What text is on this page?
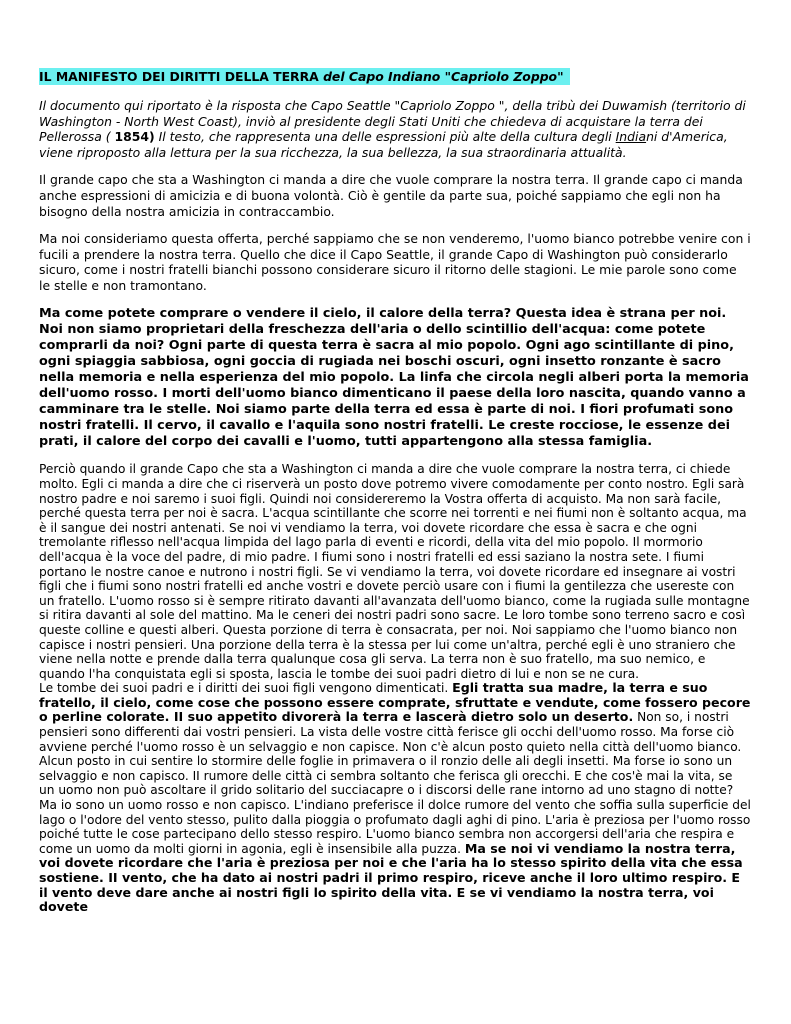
IL MANIFESTO DEI DIRITTI DELLA TERRA del Capo Indiano "Capriolo Zoppo"

Il documento qui riportato è la risposta che Capo Seattle "Capriolo Zoppo ", della tribù dei Duwamish (territorio di Washington - North West Coast), inviò al presidente degli Stati Uniti che chiedeva di acquistare la terra dei Pellerossa ( 1854) Il testo, che rappresenta una delle espressioni più alte della cultura degli Indiani d'America, viene riproposto alla lettura per la sua ricchezza, la sua bellezza, la sua straordinaria attualità.

Il grande capo che sta a Washington ci manda a dire che vuole comprare la nostra terra. Il grande capo ci manda anche espressioni di amicizia e di buona volontà. Ciò è gentile da parte sua, poiché sappiamo che egli non ha bisogno della nostra amicizia in contraccambio.

Ma noi consideriamo questa offerta, perché sappiamo che se non venderemo, l'uomo bianco potrebbe venire con i fucili a prendere la nostra terra. Quello che dice il Capo Seattle, il grande Capo di Washington può considerarlo sicuro, come i nostri fratelli bianchi possono considerare sicuro il ritorno delle stagioni. Le mie parole sono come le stelle e non tramontano.

Ma come potete comprare o vendere il cielo, il calore della terra? Questa idea è strana per noi. Noi non siamo proprietari della freschezza dell'aria o dello scintillio dell'acqua: come potete comprarli da noi? Ogni parte di questa terra è sacra al mio popolo. Ogni ago scintillante di pino, ogni spiaggia sabbiosa, ogni goccia di rugiada nei boschi oscuri, ogni insetto ronzante è sacro nella memoria e nella esperienza del mio popolo. La linfa che circola negli alberi porta la memoria dell'uomo rosso. I morti dell'uomo bianco dimenticano il paese della loro nascita, quando vanno a camminare tra le stelle. Noi siamo parte della terra ed essa è parte di noi. I fiori profumati sono nostri fratelli. Il cervo, il cavallo e l'aquila sono nostri fratelli. Le creste rocciose, le essenze dei prati, il calore del corpo dei cavalli e l'uomo, tutti appartengono alla stessa famiglia.

Perciò quando il grande Capo che sta a Washington ci manda a dire che vuole comprare la nostra terra, ci chiede molto. Egli ci manda a dire che ci riserverà un posto dove potremo vivere comodamente per conto nostro. Egli sarà nostro padre e noi saremo i suoi figli. Quindi noi considereremo la Vostra offerta di acquisto. Ma non sarà facile, perché questa terra per noi è sacra. L'acqua scintillante che scorre nei torrenti e nei fiumi non è soltanto acqua, ma è il sangue dei nostri antenati. Se noi vi vendiamo la terra, voi dovete ricordare che essa è sacra e che ogni tremolante riflesso nell'acqua limpida del lago parla di eventi e ricordi, della vita del mio popolo. Il mormorio dell'acqua è la voce del padre, di mio padre. I fiumi sono i nostri fratelli ed essi saziano la nostra sete. I fiumi portano le nostre canoe e nutrono i nostri figli. Se vi vendiamo la terra, voi dovete ricordare ed insegnare ai vostri figli che i fiumi sono nostri fratelli ed anche vostri e dovete perciò usare con i fiumi la gentilezza che usereste con un fratello. L'uomo rosso si è sempre ritirato davanti all'avanzata dell'uomo bianco, come la rugiada sulle montagne si ritira davanti al sole del mattino. Ma le ceneri dei nostri padri sono sacre. Le loro tombe sono terreno sacro e così queste colline e questi alberi. Questa porzione di terra è consacrata, per noi. Noi sappiamo che l'uomo bianco non capisce i nostri pensieri. Una porzione della terra è la stessa per lui come un'altra, perché egli è uno straniero che viene nella notte e prende dalla terra qualunque cosa gli serva. La terra non è suo fratello, ma suo nemico, e quando l'ha conquistata egli si sposta, lascia le tombe dei suoi padri dietro di lui e non se ne cura.

Le tombe dei suoi padri e i diritti dei suoi figli vengono dimenticati. Egli tratta sua madre, la terra e suo fratello, il cielo, come cose che possono essere comprate, sfruttate e vendute, come fossero pecore o perline colorate. II suo appetito divorerà la terra e lascerà dietro solo un deserto. Non so, i nostri pensieri sono differenti dai vostri pensieri. La vista delle vostre città ferisce gli occhi dell'uomo rosso. Ma forse ciò avviene perché l'uomo rosso è un selvaggio e non capisce. Non c'è alcun posto quieto nella città dell'uomo bianco. Alcun posto in cui sentire lo stormire delle foglie in primavera o il ronzio delle ali degli insetti. Ma forse io sono un selvaggio e non capisco. II rumore delle città ci sembra soltanto che ferisca gli orecchi. E che cos'è mai la vita, se un uomo non può ascoltare il grido solitario del succiacapre o i discorsi delle rane intorno ad uno stagno di notte? Ma io sono un uomo rosso e non capisco. L'indiano preferisce il dolce rumore del vento che soffia sulla superficie del lago o l'odore del vento stesso, pulito dalla pioggia o profumato dagli aghi di pino. L'aria è preziosa per l'uomo rosso poiché tutte le cose partecipano dello stesso respiro. L'uomo bianco sembra non accorgersi dell'aria che respira e come un uomo da molti giorni in agonia, egli è insensibile alla puzza. Ma se noi vi vendiamo la nostra terra, voi dovete ricordare che l'aria è preziosa per noi e che l'aria ha lo stesso spirito della vita che essa sostiene. II vento, che ha dato ai nostri padri il primo respiro, riceve anche il loro ultimo respiro. E il vento deve dare anche ai nostri figli lo spirito della vita. E se vi vendiamo la nostra terra, voi dovete
